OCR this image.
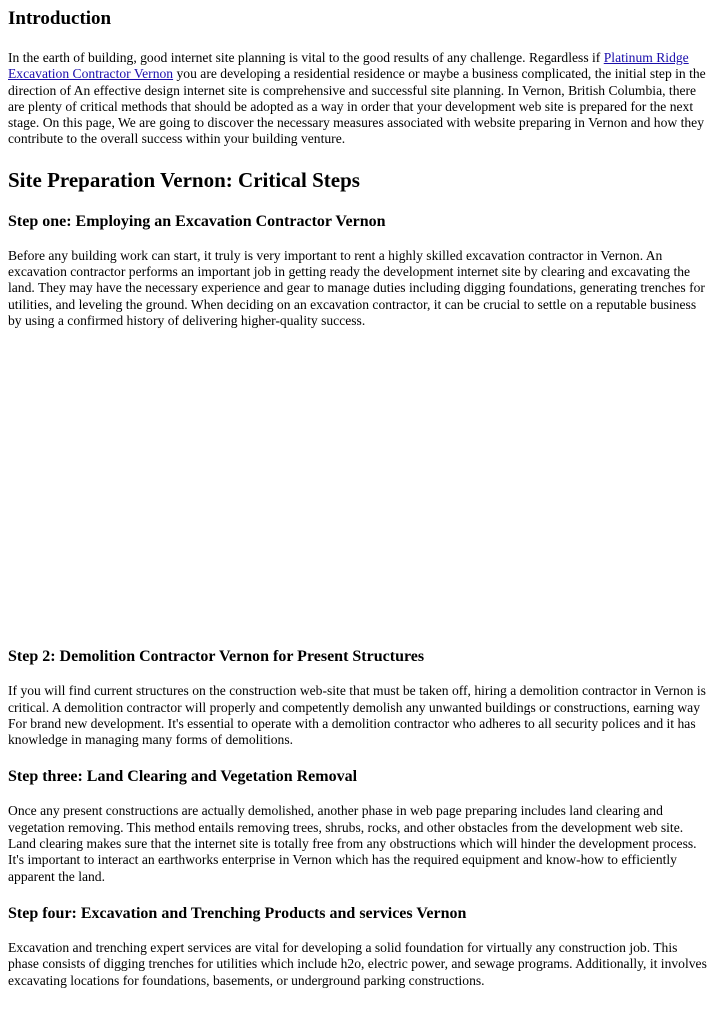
Introduction

In the earth of building, good internet site planning is vital to the good results of any challenge. Regardless if Platinum Ridge Excavation Contractor Vernon you are developing a residential residence or maybe a business complicated, the initial step in the direction of An effective design internet site is comprehensive and successful site planning. In Vernon, British Columbia, there are plenty of critical methods that should be adopted as a way in order that your development web site is prepared for the next stage. On this page, We are going to discover the necessary measures associated with website preparing in Vernon and how they contribute to the overall success within your building venture.

Site Preparation Vernon: Critical Steps
Step one: Employing an Excavation Contractor Vernon

Before any building work can start, it truly is very important to rent a highly skilled excavation contractor in Vernon. An excavation contractor performs an important job in getting ready the development internet site by clearing and excavating the land. They may have the necessary experience and gear to manage duties including digging foundations, generating trenches for utilities, and leveling the ground. When deciding on an excavation contractor, it can be crucial to settle on a reputable business by using a confirmed history of delivering higher-quality success.

Step 2: Demolition Contractor Vernon for Present Structures

If you will find current structures on the construction web-site that must be taken off, hiring a demolition contractor in Vernon is critical. A demolition contractor will properly and competently demolish any unwanted buildings or constructions, earning way For brand new development. It's essential to operate with a demolition contractor who adheres to all security polices and it has knowledge in managing many forms of demolitions.

Step three: Land Clearing and Vegetation Removal

Once any present constructions are actually demolished, another phase in web page preparing includes land clearing and vegetation removing. This method entails removing trees, shrubs, rocks, and other obstacles from the development web site. Land clearing makes sure that the internet site is totally free from any obstructions which will hinder the development process. It's important to interact an earthworks enterprise in Vernon which has the required equipment and know-how to efficiently apparent the land.

Step four: Excavation and Trenching Products and services Vernon

Excavation and trenching expert services are vital for developing a solid foundation for virtually any construction job. This phase consists of digging trenches for utilities which include h2o, electric power, and sewage programs. Additionally, it involves excavating locations for foundations, basements, or underground parking constructions.
